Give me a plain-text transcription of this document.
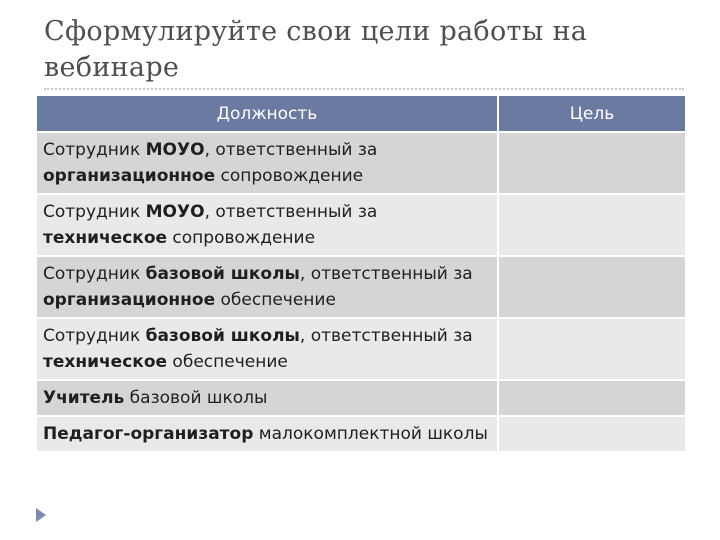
Сформулируйте свои цели работы на вебинаре
Должность	Цель
Сотрудник МОУО, ответственный за организационное сопровождение	
Сотрудник МОУО, ответственный за техническое сопровождение	
Сотрудник базовой школы, ответственный за организационное обеспечение	
Сотрудник базовой школы, ответственный за техническое обеспечение	
Учитель базовой школы	
Педагог-организатор малокомплектной школы	
